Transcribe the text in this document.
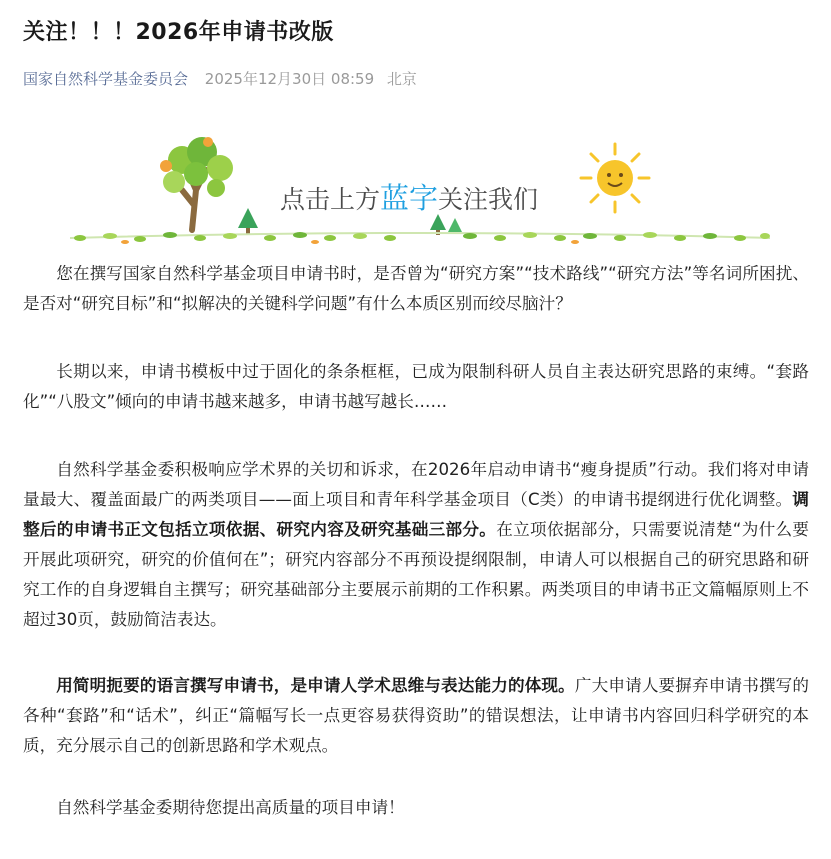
关注！！！2026年申请书改版
国家自然科学基金委员会 2025年12月30日 08:59 北京
点击上方蓝字关注我们

您在撰写国家自然科学基金项目申请书时，是否曾为“研究方案”“技术路线”“研究方法”等名词所困扰、是否对“研究目标”和“拟解决的关键科学问题”有什么本质区别而绞尽脑汁？

长期以来，申请书模板中过于固化的条条框框，已成为限制科研人员自主表达研究思路的束缚。“套路化”“八股文”倾向的申请书越来越多，申请书越写越长……

自然科学基金委积极响应学术界的关切和诉求，在2026年启动申请书“瘦身提质”行动。我们将对申请量最大、覆盖面最广的两类项目——面上项目和青年科学基金项目（C类）的申请书提纲进行优化调整。调整后的申请书正文包括立项依据、研究内容及研究基础三部分。在立项依据部分，只需要说清楚“为什么要开展此项研究，研究的价值何在”；研究内容部分不再预设提纲限制，申请人可以根据自己的研究思路和研究工作的自身逻辑自主撰写；研究基础部分主要展示前期的工作积累。两类项目的申请书正文篇幅原则上不超过30页，鼓励简洁表达。

用简明扼要的语言撰写申请书，是申请人学术思维与表达能力的体现。广大申请人要摒弃申请书撰写的各种“套路”和“话术”，纠正“篇幅写长一点更容易获得资助”的错误想法，让申请书内容回归科学研究的本质，充分展示自己的创新思路和学术观点。

自然科学基金委期待您提出高质量的项目申请！
